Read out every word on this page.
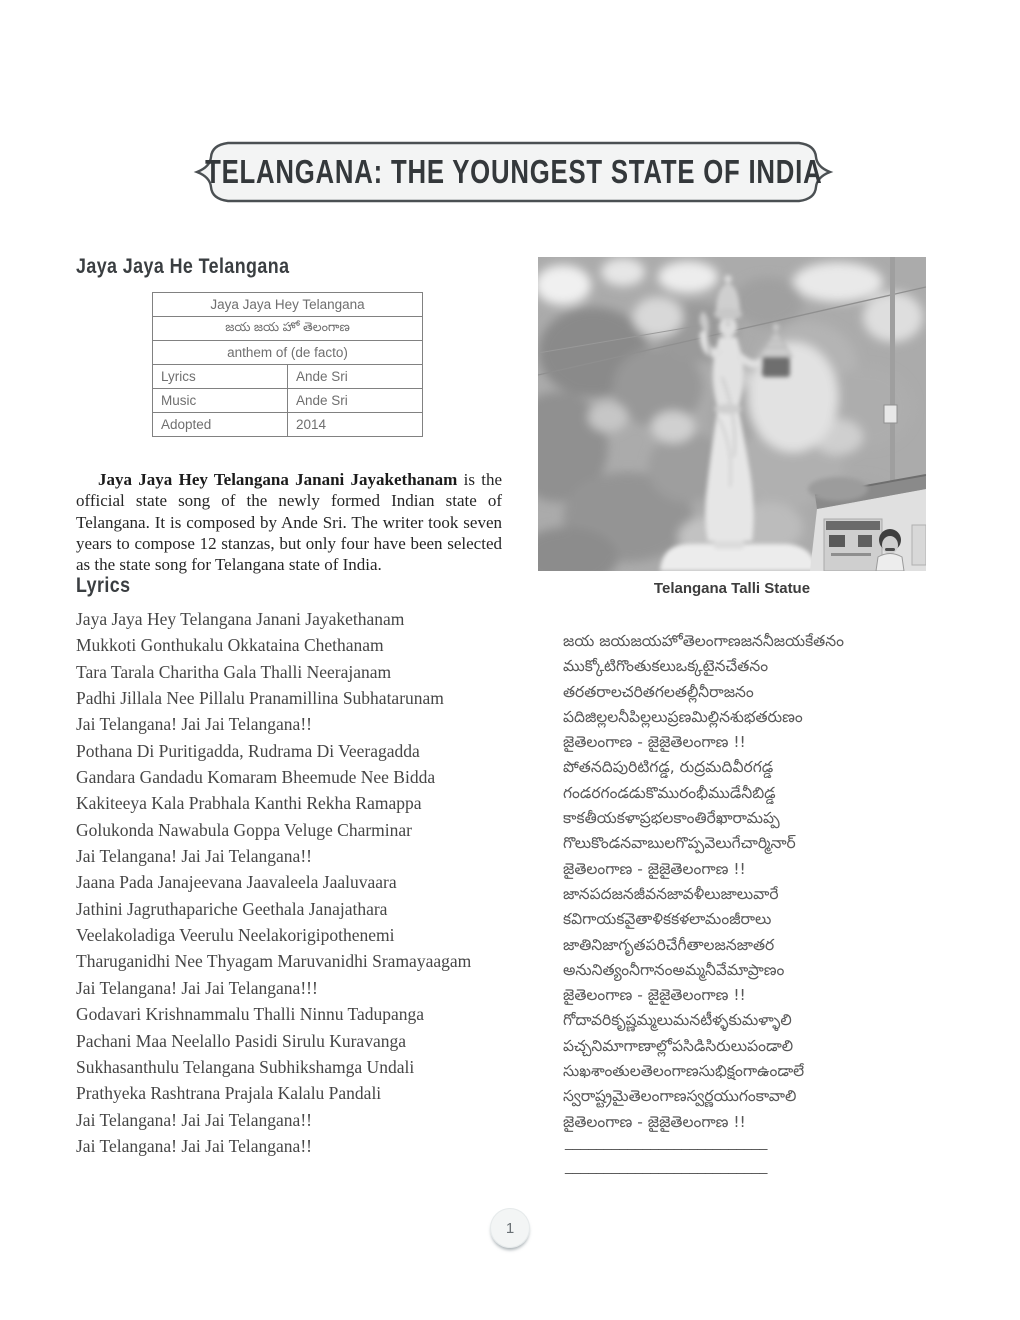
TELANGANA: THE YOUNGEST STATE OF INDIA
Jaya Jaya He Telangana
Jaya Jaya Hey Telangana	
జయ జయ హో తెలంగాణ	
anthem of (de facto)	
Lyrics	Ande Sri
Music	Ande Sri
Adopted	2014

Jaya Jaya Hey Telangana Janani Jayakethanam is the official state song of the newly formed Indian state of Telangana. It is composed by Ande Sri. The writer took seven years to compose 12 stanzas, but only four have been selected as the state song for Telangana state of India.

Lyrics
Jaya Jaya Hey Telangana Janani Jayakethanam
Mukkoti Gonthukalu Okkataina Chethanam
Tara Tarala Charitha Gala Thalli Neerajanam
Padhi Jillala Nee Pillalu Pranamillina Subhatarunam
Jai Telangana! Jai Jai Telangana!!
Pothana Di Puritigadda, Rudrama Di Veeragadda
Gandara Gandadu Komaram Bheemude Nee Bidda
Kakiteeya Kala Prabhala Kanthi Rekha Ramappa
Golukonda Nawabula Goppa Veluge Charminar
Jai Telangana! Jai Jai Telangana!!
Jaana Pada Janajeevana Jaavaleela Jaaluvaara
Jathini Jagruthapariche Geethala Janajathara
Veelakoladiga Veerulu Neelakorigipothenemi
Tharuganidhi Nee Thyagam Maruvanidhi Sramayaagam
Jai Telangana! Jai Jai Telangana!!!
Godavari Krishnammalu Thalli Ninnu Tadupanga
Pachani Maa Neelallo Pasidi Sirulu Kuravanga
Sukhasanthulu Telangana Subhikshamga Undali
Prathyeka Rashtrana Prajala Kalalu Pandali
Jai Telangana! Jai Jai Telangana!!
Jai Telangana! Jai Jai Telangana!!
Telangana Talli Statue
జయ జయజయహోతెలంగాణజననీజయకేతనం
ముక్కోటిగొంతుకలుఒక్కటైనచేతనం
తరతరాలచరితగలతల్లీనీరాజనం
పదిజిల్లలనీపిల్లలుప్రణమిల్లినశుభతరుణం
జైతెలంగాణ - జైజైతెలంగాణ !!
పోతనదిపురిటిగడ్డ, రుద్రమదివీరగడ్డ
గండరగండడుకొమురంభీముడేనీబిడ్డ
కాకతీయకళాప్రభలకాంతిరేఖారామప్ప
గొలుకొండనవాబులగొప్పవెలుగేచార్మినార్
జైతెలంగాణ - జైజైతెలంగాణ !!
జానపదజనజీవనజావళీలుజాలువారే
కవిగాయకవైతాళికకళలామంజీరాలు
జాతినిజాగృతపరిచేగీతాలజనజాతర
అనునిత్యంనీగానంఅమ్మనీవేమాప్రాణం
జైతెలంగాణ - జైజైతెలంగాణ !!
గోదావరికృష్ణమ్మలుమనటీళ్ళకుమళ్ళాలి
పచ్చనిమాగాణాల్లోపసిడిసిరులుపండాలి
సుఖశాంతులతెలంగాణసుభిక్షంగాఉండాలే
స్వరాష్ట్రమైతెలంగాణస్వర్ణయుగంకావాలి
జైతెలంగాణ - జైజైతెలంగాణ !!
__________________________
__________________________
1
